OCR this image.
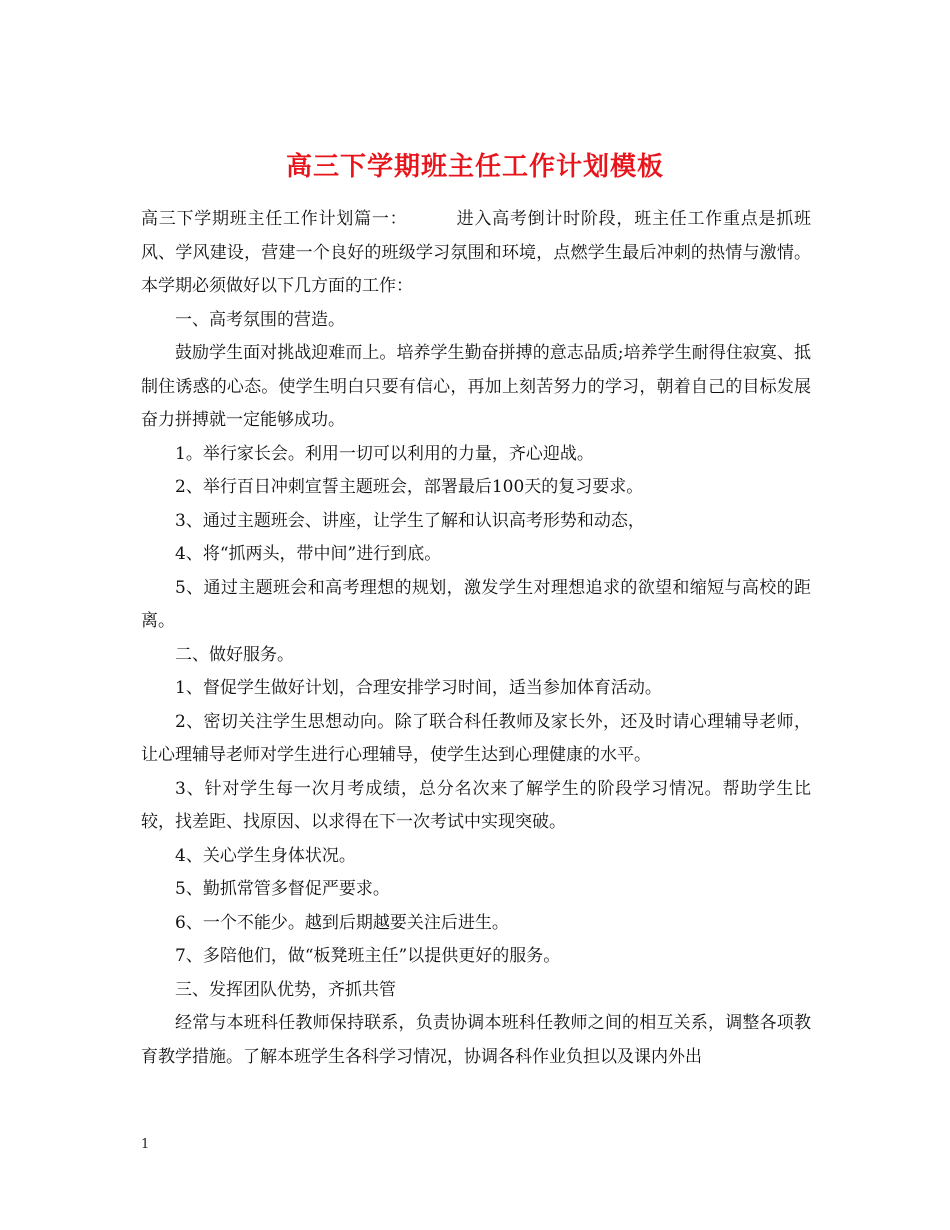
高三下学期班主任工作计划模板

高三下学期班主任工作计划篇一：        进入高考倒计时阶段，班主任工作重点是抓班风、学风建设，营建一个良好的班级学习氛围和环境，点燃学生最后冲刺的热情与激情。本学期必须做好以下几方面的工作：

一、高考氛围的营造。

鼓励学生面对挑战迎难而上。培养学生勤奋拼搏的意志品质;培养学生耐得住寂寞、抵制住诱惑的心态。使学生明白只要有信心，再加上刻苦努力的学习，朝着自己的目标发展奋力拼搏就一定能够成功。

1。举行家长会。利用一切可以利用的力量，齐心迎战。

2、举行百日冲刺宣誓主题班会，部署最后100天的复习要求。

3、通过主题班会、讲座，让学生了解和认识高考形势和动态，

4、将“抓两头，带中间”进行到底。

5、通过主题班会和高考理想的规划，激发学生对理想追求的欲望和缩短与高校的距离。

二、做好服务。

1、督促学生做好计划，合理安排学习时间，适当参加体育活动。

2、密切关注学生思想动向。除了联合科任教师及家长外，还及时请心理辅导老师，让心理辅导老师对学生进行心理辅导，使学生达到心理健康的水平。

3、针对学生每一次月考成绩，总分名次来了解学生的阶段学习情况。帮助学生比较，找差距、找原因、以求得在下一次考试中实现突破。

4、关心学生身体状况。

5、勤抓常管多督促严要求。

6、一个不能少。越到后期越要关注后进生。

7、多陪他们，做“板凳班主任”以提供更好的服务。

三、发挥团队优势，齐抓共管

经常与本班科任教师保持联系，负责协调本班科任教师之间的相互关系，调整各项教育教学措施。了解本班学生各科学习情况，协调各科作业负担以及课内外出

1
